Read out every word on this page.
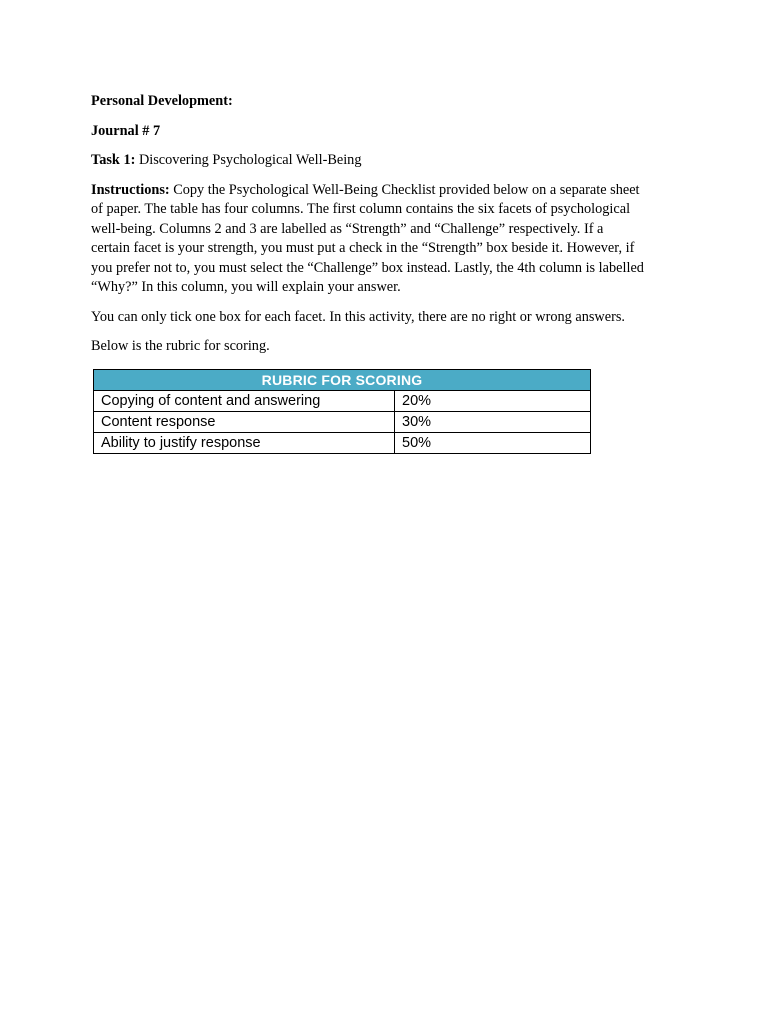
Personal Development:

Journal # 7

Task 1: Discovering Psychological Well-Being

Instructions: Copy the Psychological Well-Being Checklist provided below on a separate sheet
of paper. The table has four columns. The first column contains the six facets of psychological
well-being. Columns 2 and 3 are labelled as “Strength” and “Challenge” respectively. If a
certain facet is your strength, you must put a check in the “Strength” box beside it. However, if
you prefer not to, you must select the “Challenge” box instead. Lastly, the 4th column is labelled
“Why?” In this column, you will explain your answer.

You can only tick one box for each facet. In this activity, there are no right or wrong answers.

Below is the rubric for scoring.

RUBRIC FOR SCORING	
Copying of content and answering	20%
Content response	30%
Ability to justify response	50%
